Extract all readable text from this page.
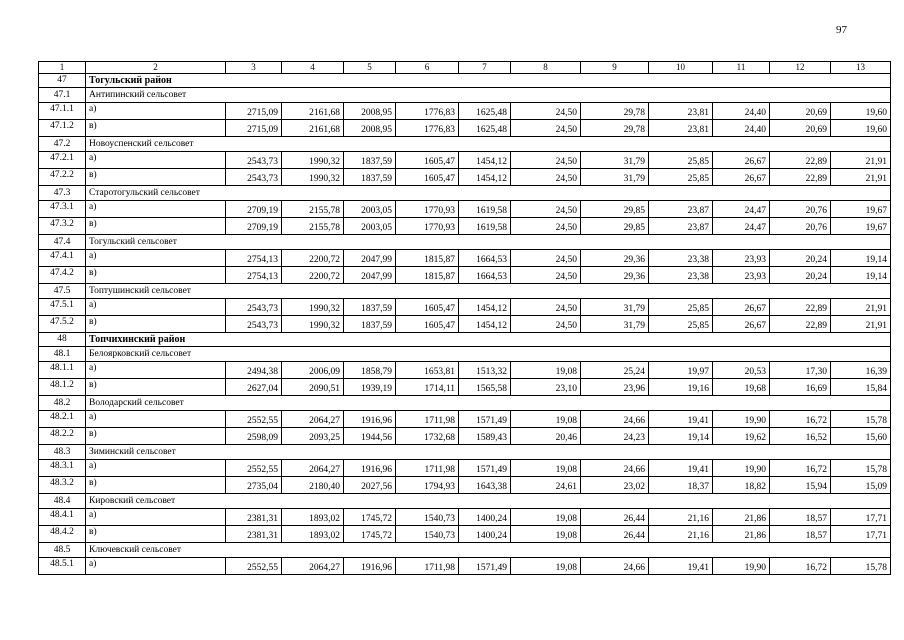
97
1	2	3	4	5	6	7	8	9	10	11	12	13
47	Тогульский район											
47.1	Антипинский сельсовет											
47.1.1	а)	2715,09	2161,68	2008,95	1776,83	1625,48	24,50	29,78	23,81	24,40	20,69	19,60
47.1.2	в)	2715,09	2161,68	2008,95	1776,83	1625,48	24,50	29,78	23,81	24,40	20,69	19,60
47.2	Новоуспенский сельсовет											
47.2.1	а)	2543,73	1990,32	1837,59	1605,47	1454,12	24,50	31,79	25,85	26,67	22,89	21,91
47.2.2	в)	2543,73	1990,32	1837,59	1605,47	1454,12	24,50	31,79	25,85	26,67	22,89	21,91
47.3	Старотогульский сельсовет											
47.3.1	а)	2709,19	2155,78	2003,05	1770,93	1619,58	24,50	29,85	23,87	24,47	20,76	19,67
47.3.2	в)	2709,19	2155,78	2003,05	1770,93	1619,58	24,50	29,85	23,87	24,47	20,76	19,67
47.4	Тогульский сельсовет											
47.4.1	а)	2754,13	2200,72	2047,99	1815,87	1664,53	24,50	29,36	23,38	23,93	20,24	19,14
47.4.2	в)	2754,13	2200,72	2047,99	1815,87	1664,53	24,50	29,36	23,38	23,93	20,24	19,14
47.5	Топтушинский сельсовет											
47.5.1	а)	2543,73	1990,32	1837,59	1605,47	1454,12	24,50	31,79	25,85	26,67	22,89	21,91
47.5.2	в)	2543,73	1990,32	1837,59	1605,47	1454,12	24,50	31,79	25,85	26,67	22,89	21,91
48	Топчихинский район											
48.1	Белоярковский сельсовет											
48.1.1	а)	2494,38	2006,09	1858,79	1653,81	1513,32	19,08	25,24	19,97	20,53	17,30	16,39
48.1.2	в)	2627,04	2090,51	1939,19	1714,11	1565,58	23,10	23,96	19,16	19,68	16,69	15,84
48.2	Володарский сельсовет											
48.2.1	а)	2552,55	2064,27	1916,96	1711,98	1571,49	19,08	24,66	19,41	19,90	16,72	15,78
48.2.2	в)	2598,09	2093,25	1944,56	1732,68	1589,43	20,46	24,23	19,14	19,62	16,52	15,60
48.3	Зиминский сельсовет											
48.3.1	а)	2552,55	2064,27	1916,96	1711,98	1571,49	19,08	24,66	19,41	19,90	16,72	15,78
48.3.2	в)	2735,04	2180,40	2027,56	1794,93	1643,38	24,61	23,02	18,37	18,82	15,94	15,09
48.4	Кировский сельсовет											
48.4.1	а)	2381,31	1893,02	1745,72	1540,73	1400,24	19,08	26,44	21,16	21,86	18,57	17,71
48.4.2	в)	2381,31	1893,02	1745,72	1540,73	1400,24	19,08	26,44	21,16	21,86	18,57	17,71
48.5	Ключевский сельсовет											
48.5.1	а)	2552,55	2064,27	1916,96	1711,98	1571,49	19,08	24,66	19,41	19,90	16,72	15,78
